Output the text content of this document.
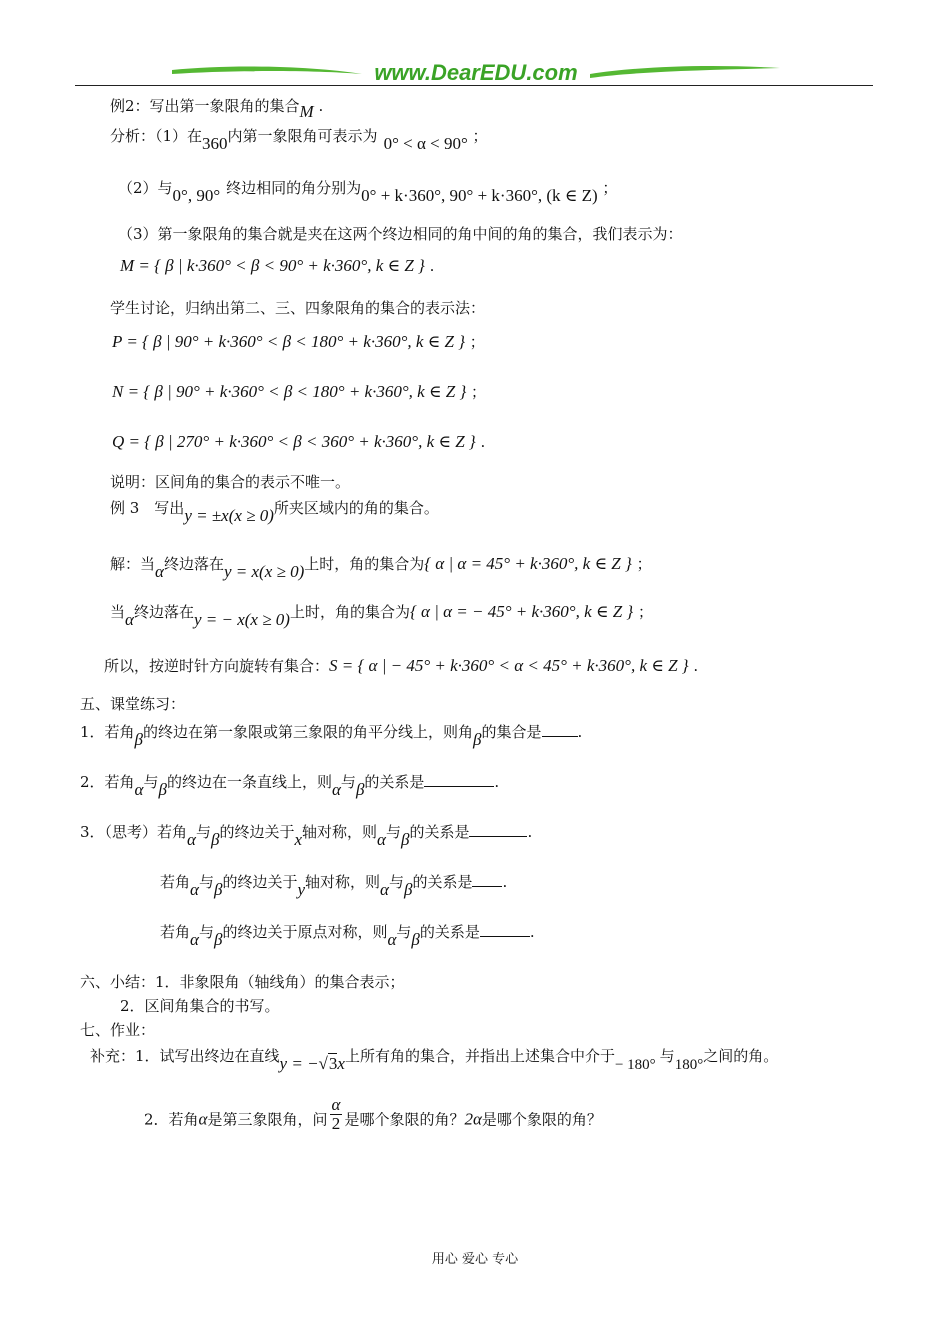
www.DearEDU.com
例2：写出第一象限角的集合M .
分析：（1）在360内第一象限角可表示为 0° < α < 90° ；
（2）与0°, 90° 终边相同的角分别为0° + k·360°, 90° + k·360°, (k ∈ Z) ；
（3）第一象限角的集合就是夹在这两个终边相同的角中间的角的集合，我们表示为：
M = { β | k·360° < β < 90° + k·360°, k ∈ Z } .
学生讨论，归纳出第二、三、四象限角的集合的表示法：
P = { β | 90° + k·360° < β < 180° + k·360°, k ∈ Z } ；
N = { β | 90° + k·360° < β < 180° + k·360°, k ∈ Z } ；
Q = { β | 270° + k·360° < β < 360° + k·360°, k ∈ Z } .
说明：区间角的集合的表示不唯一。
例 3　写出y = ±x(x ≥ 0)所夹区域内的角的集合。
解：当α终边落在y = x(x ≥ 0)上时，角的集合为{ α | α = 45° + k·360°, k ∈ Z } ；
当α终边落在y = − x(x ≥ 0)上时，角的集合为{ α | α = − 45° + k·360°, k ∈ Z } ；
所以，按逆时针方向旋转有集合：S = { α | − 45° + k·360° < α < 45° + k·360°, k ∈ Z } .
五、课堂练习：
1．若角β的终边在第一象限或第三象限的角平分线上，则角β的集合是 .
2．若角α与β的终边在一条直线上，则α与β的关系是	.
3．（思考）若角α与β的终边关于x轴对称，则α与β的关系是	.
若角α与β的终边关于y轴对称，则α与β的关系是 .
若角α与β的终边关于原点对称，则α与β的关系是	.
六、小结：1．非象限角（轴线角）的集合表示；
2．区间角集合的书写。
七、作业：
补充：1．试写出终边在直线y = −√3x上所有角的集合，并指出上述集合中介于− 180° 与180°之间的角。
2．若角α是第三象限角，问 $\frac{\alpha}{2}$ 是哪个象限的角？2α是哪个象限的角？
用心 爱心 专心
